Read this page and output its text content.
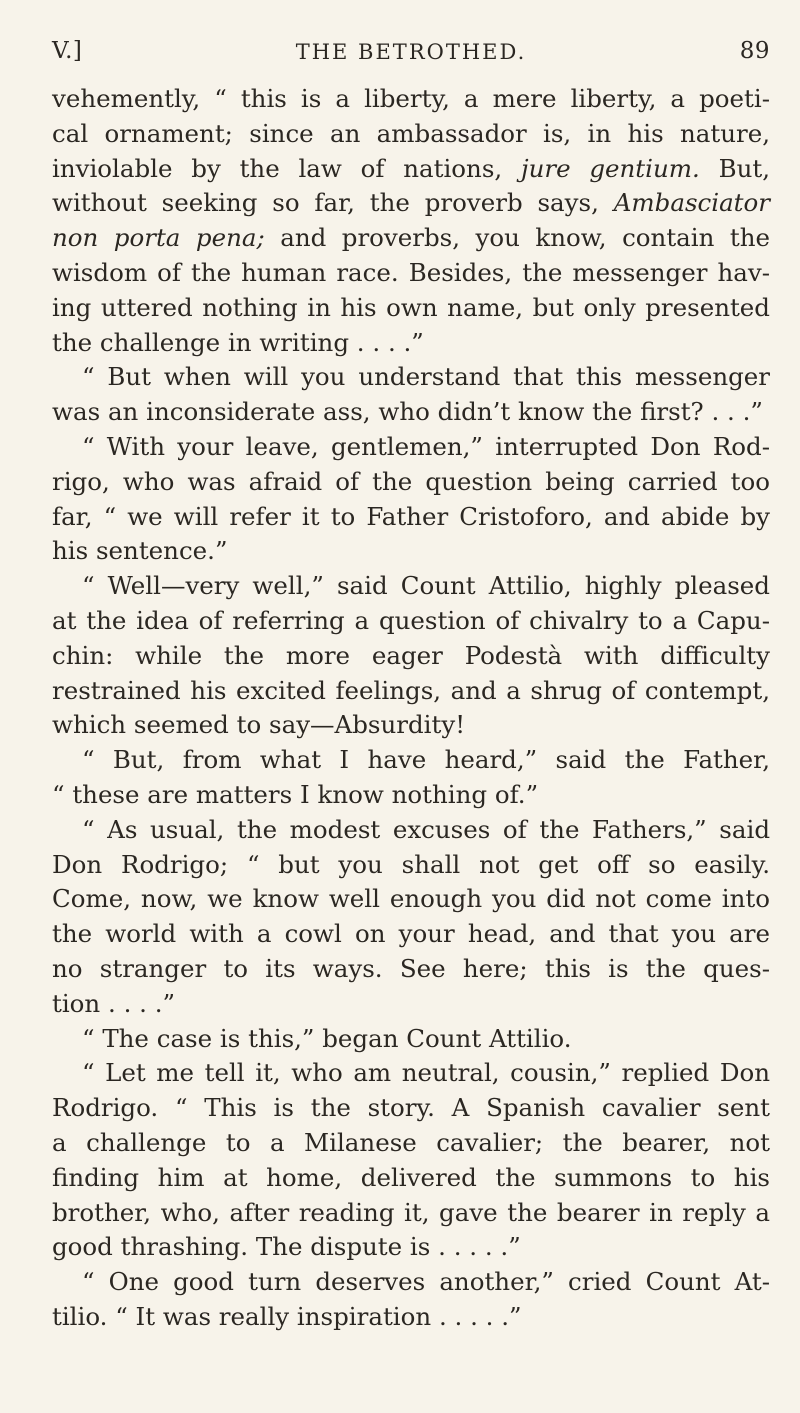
V.]	THE BETROTHED.	89
vehemently, “ this is a liberty, a mere liberty, a poeti-
cal ornament; since an ambassador is, in his nature,
inviolable by the law of nations, jure gentium. But,
without seeking so far, the proverb says, Ambasciator
non porta pena; and proverbs, you know, contain the
wisdom of the human race. Besides, the messenger hav-
ing uttered nothing in his own name, but only presented
the challenge in writing . . . .”
“ But when will you understand that this messenger
was an inconsiderate ass, who didn’t know the first? . . .”
“ With your leave, gentlemen,” interrupted Don Rod-
rigo, who was afraid of the question being carried too
far, “ we will refer it to Father Cristoforo, and abide by
his sentence.”
“ Well—very well,” said Count Attilio, highly pleased
at the idea of referring a question of chivalry to a Capu-
chin: while the more eager Podestà with difficulty
restrained his excited feelings, and a shrug of contempt,
which seemed to say—Absurdity!
“ But, from what I have heard,” said the Father,
“ these are matters I know nothing of.”
“ As usual, the modest excuses of the Fathers,” said
Don Rodrigo; “ but you shall not get off so easily.
Come, now, we know well enough you did not come into
the world with a cowl on your head, and that you are
no stranger to its ways. See here; this is the ques-
tion . . . .”
“ The case is this,” began Count Attilio.
“ Let me tell it, who am neutral, cousin,” replied Don
Rodrigo. “ This is the story. A Spanish cavalier sent
a challenge to a Milanese cavalier; the bearer, not
finding him at home, delivered the summons to his
brother, who, after reading it, gave the bearer in reply a
good thrashing. The dispute is . . . . .”
“ One good turn deserves another,” cried Count At-
tilio. “ It was really inspiration . . . . .”
